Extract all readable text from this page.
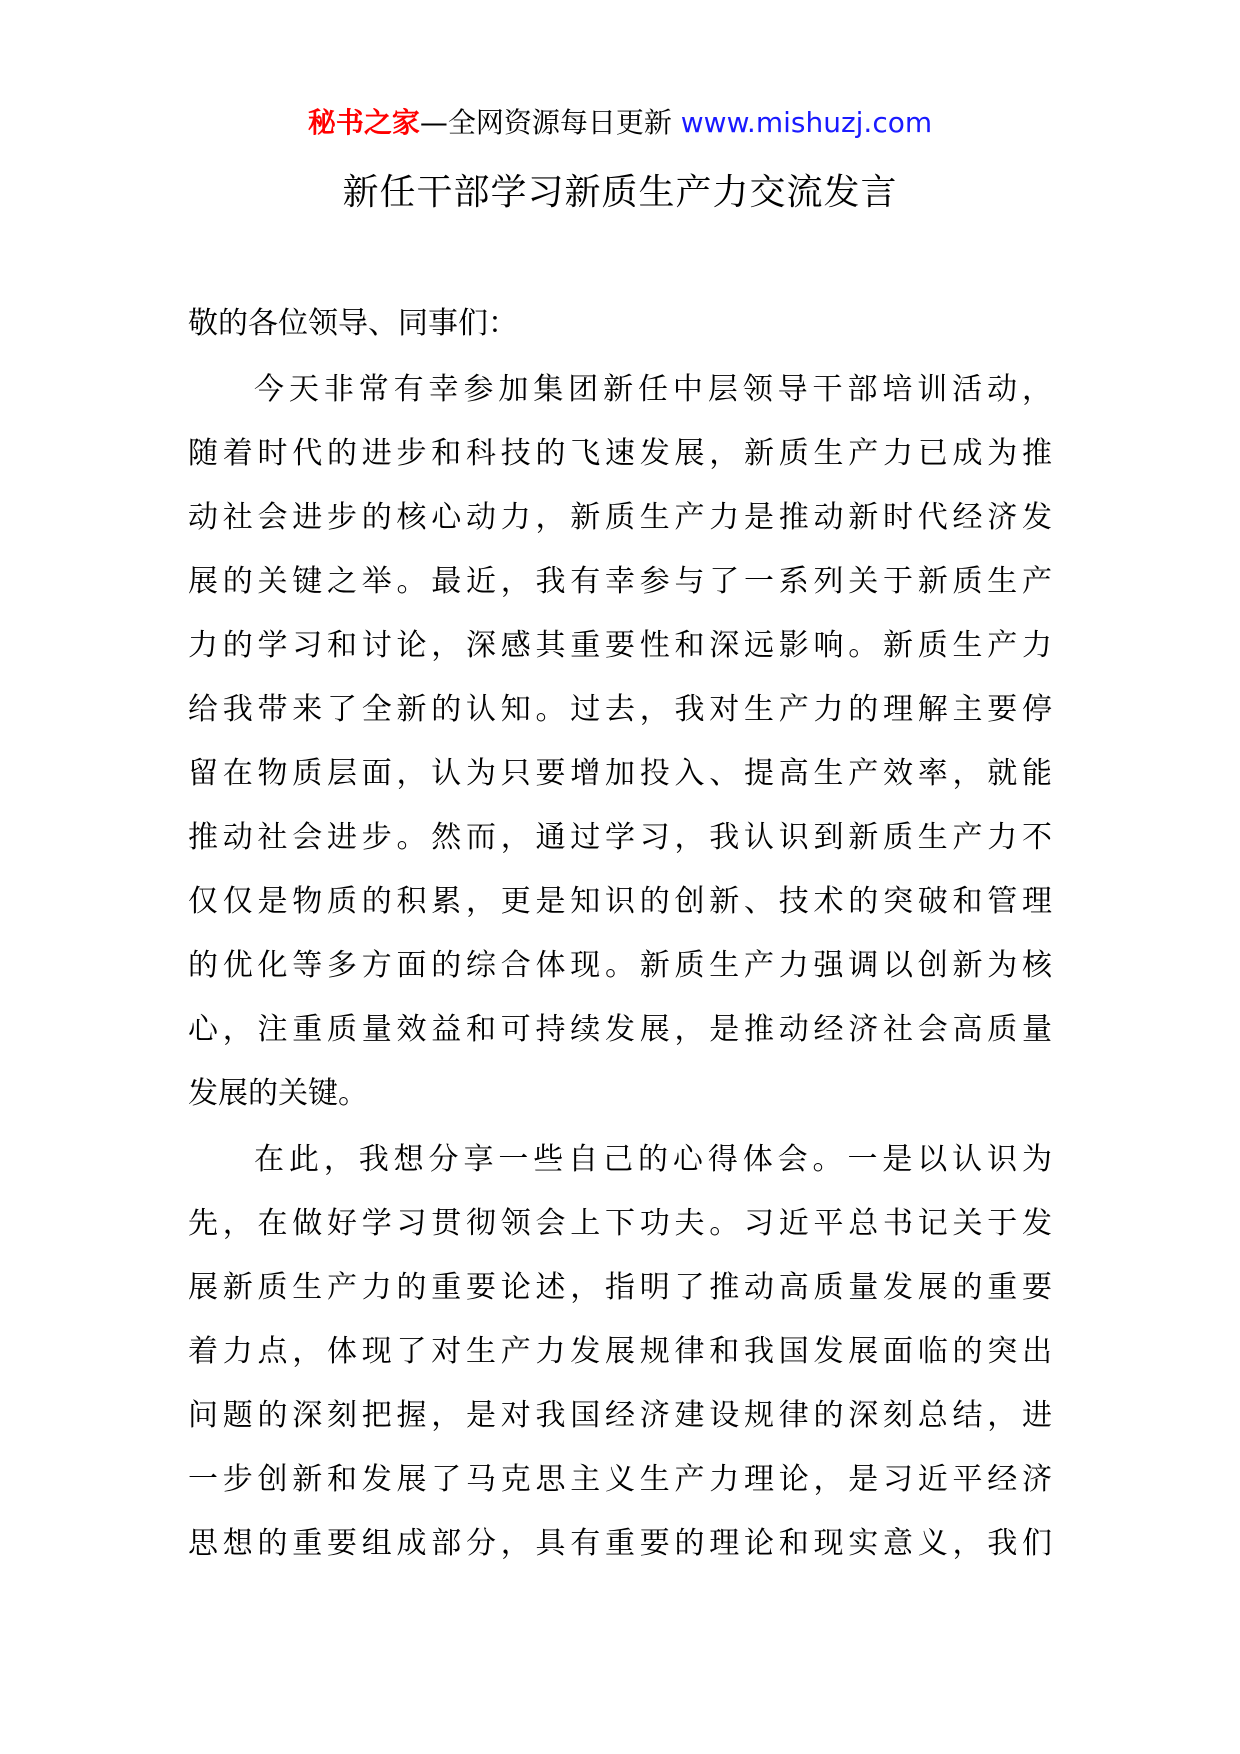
秘书之家—全网资源每日更新 www.mishuzj.com
新任干部学习新质生产力交流发言
敬的各位领导、同事们：
今天非常有幸参加集团新任中层领导干部培训活动，
随着时代的进步和科技的飞速发展，新质生产力已成为推
动社会进步的核心动力，新质生产力是推动新时代经济发
展的关键之举。最近，我有幸参与了一系列关于新质生产
力的学习和讨论，深感其重要性和深远影响。新质生产力
给我带来了全新的认知。过去，我对生产力的理解主要停
留在物质层面，认为只要增加投入、提高生产效率，就能
推动社会进步。然而，通过学习，我认识到新质生产力不
仅仅是物质的积累，更是知识的创新、技术的突破和管理
的优化等多方面的综合体现。新质生产力强调以创新为核
心，注重质量效益和可持续发展，是推动经济社会高质量
发展的关键。
在此，我想分享一些自己的心得体会。一是以认识为
先，在做好学习贯彻领会上下功夫。习近平总书记关于发
展新质生产力的重要论述，指明了推动高质量发展的重要
着力点，体现了对生产力发展规律和我国发展面临的突出
问题的深刻把握，是对我国经济建设规律的深刻总结，进
一步创新和发展了马克思主义生产力理论，是习近平经济
思想的重要组成部分，具有重要的理论和现实意义，我们
